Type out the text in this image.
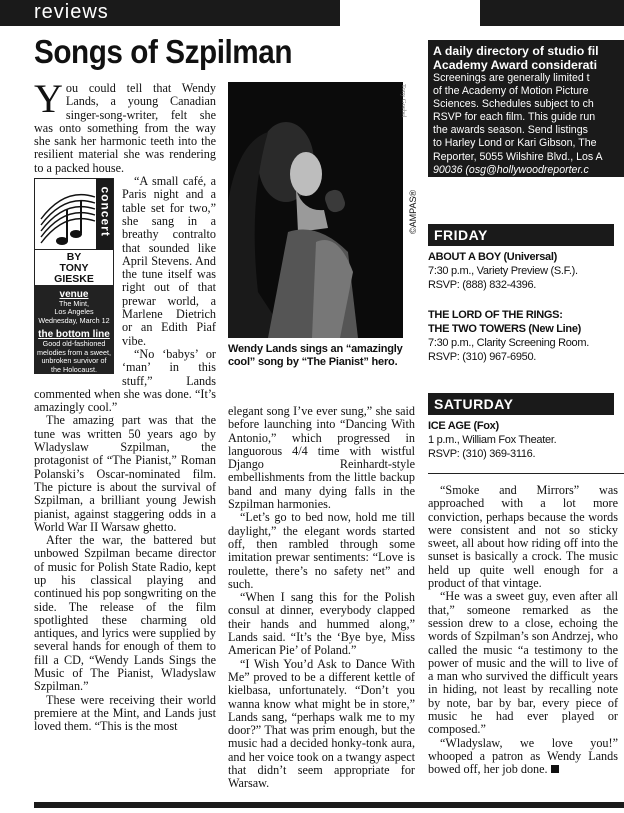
reviews
Songs of Szpilman

You could tell that Wendy Lands, a young Canadian singer-song-writer, felt she was onto something from the way she sank her harmonic teeth into the resilient material she was rendering to a packed house.

concert
BY
TONY
GIESKE
venue
The Mint,
Los Angeles
Wednesday, March 12
the bottom line
Good old-fashioned melodies from a sweet, unbroken survivor of the Holocaust.
“A small café, a Paris night and a table set for two,” she sang in a breathy contralto that sounded like April Stevens. And the tune itself was right out of that prewar world, a Marlene Dietrich or an Edith Piaf vibe.

“No ‘babys’ or ‘man’ in this stuff,” Lands commented when she was done. “It’s amazingly cool.”

The amazing part was that the tune was written 50 years ago by Wladyslaw Szpilman, the protagonist of “The Pianist,” Roman Polanski’s Oscar-nominated film. The picture is about the survival of Szpilman, a brilliant young Jewish pianist, against staggering odds in a World War II Warsaw ghetto.

After the war, the battered but unbowed Szpilman became director of music for Polish State Radio, kept up his classical playing and continued his pop songwriting on the side. The release of the film spotlighted these charming old antiques, and lyrics were supplied by several hands for enough of them to fill a CD, “Wendy Lands Sings the Music of The Pianist, Wladyslaw Szpilman.”

These were receiving their world premiere at the Mint, and Lands just loved them. “This is the most

Tony Goebel
©AMPAS®
Wendy Lands sings an “amazingly cool” song by “The Pianist” hero.

elegant song I’ve ever sung,” she said before launching into “Dancing With Antonio,” which progressed in languorous 4/4 time with wistful Django Reinhardt-style embellishments from the little backup band and many dying falls in the Szpilman harmonies.

“Let’s go to bed now, hold me till daylight,” the elegant words started off, then rambled through some imitation prewar sentiments: “Love is roulette, there’s no safety net” and such.

“When I sang this for the Polish consul at dinner, everybody clapped their hands and hummed along,” Lands said. “It’s the ‘Bye bye, Miss American Pie’ of Poland.”

“I Wish You’d Ask to Dance With Me” proved to be a different kettle of kielbasa, unfortunately. “Don’t you wanna know what might be in store,” Lands sang, “perhaps walk me to my door?” That was prim enough, but the music had a decided honky-tonk aura, and her voice took on a twangy aspect that didn’t seem appropriate for Warsaw.

A daily directory of studio fil
Academy Award considerati
Screenings are generally limited t
of the Academy of Motion Picture
Sciences. Schedules subject to ch
RSVP for each film. This guide run
the awards season. Send listings
to Harley Lond or Kari Gibson, The
Reporter, 5055 Wilshire Blvd., Los A
90036 (osg@hollywoodreporter.c
or fax screening info to (323) 525
FRIDAY
ABOUT A BOY (Universal)
7:30 p.m., Variety Preview (S.F.).
RSVP: (888) 832-4396.
THE LORD OF THE RINGS:
THE TWO TOWERS (New Line)
7:30 p.m., Clarity Screening Room.
RSVP: (310) 967-6950.
SATURDAY
ICE AGE (Fox)
1 p.m., William Fox Theater.
RSVP: (310) 369-3116.

“Smoke and Mirrors” was approached with a lot more conviction, perhaps because the words were consistent and not so sticky sweet, all about how riding off into the sunset is basically a crock. The music held up quite well enough for a product of that vintage.

“He was a sweet guy, even after all that,” someone remarked as the session drew to a close, echoing the words of Szpilman’s son Andrzej, who called the music “a testimony to the power of music and the will to live of a man who survived the difficult years in hiding, not least by recalling note by note, bar by bar, every piece of music he had ever played or composed.”

“Wladyslaw, we love you!” whooped a patron as Wendy Lands bowed off, her job done.
